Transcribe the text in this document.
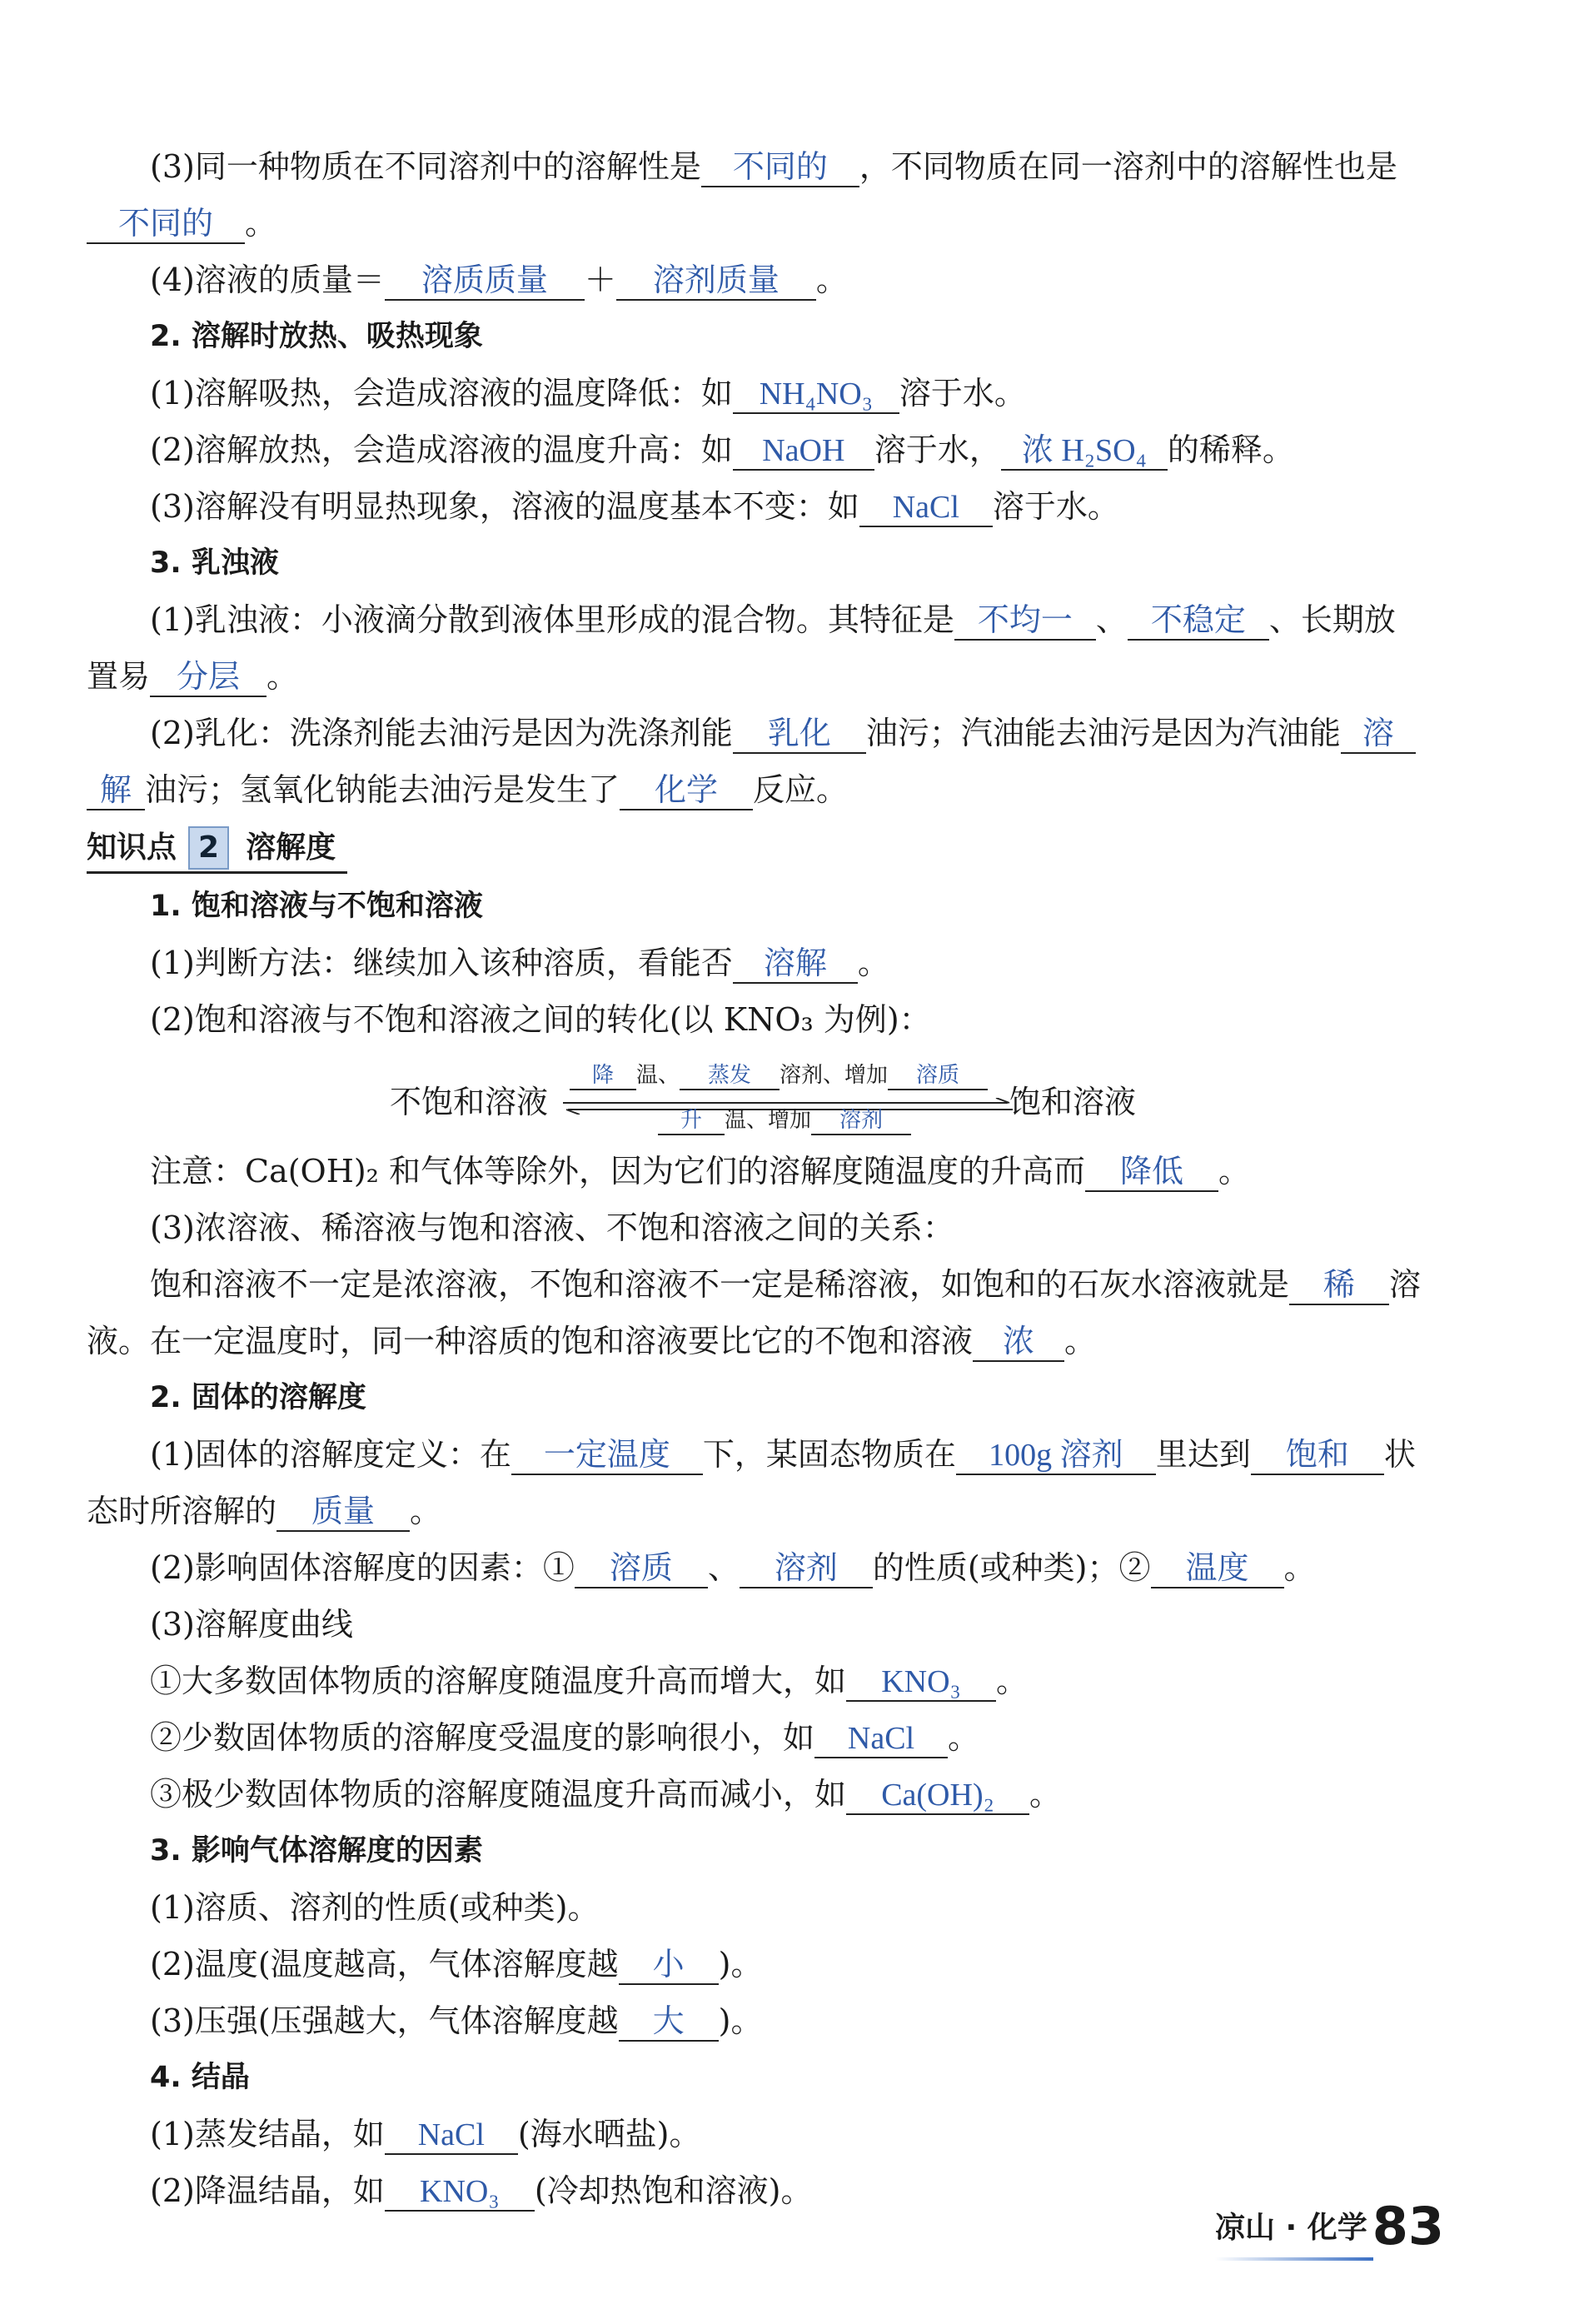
(3)同一种物质在不同溶剂中的溶解性是 不同的 ，不同物质在同一溶剂中的溶解性也是
不同的 。
(4)溶液的质量＝ 溶质质量 ＋ 溶剂质量 。
2. 溶解时放热、吸热现象
(1)溶解吸热，会造成溶液的温度降低：如 NH₄NO₃ 溶于水。
(2)溶解放热，会造成溶液的温度升高：如 NaOH 溶于水， 浓 H₂SO₄ 的稀释。
(3)溶解没有明显热现象，溶液的温度基本不变：如 NaCl 溶于水。
3. 乳浊液
(1)乳浊液：小液滴分散到液体里形成的混合物。其特征是 不均一 、 不稳定 、长期放
置易 分层 。
(2)乳化：洗涤剂能去油污是因为洗涤剂能 乳化 油污；汽油能去油污是因为汽油能 溶
解 油污；氢氧化钠能去油污是发生了 化学 反应。
知识点 2 溶解度
1. 饱和溶液与不饱和溶液
(1)判断方法：继续加入该种溶质，看能否 溶解 。
(2)饱和溶液与不饱和溶液之间的转化(以 KNO₃ 为例)：
不饱和溶液
降 温、 蒸发 溶剂、增加 溶质
升 温、增加 溶剂	饱和溶液
注意：Ca(OH)₂ 和气体等除外，因为它们的溶解度随温度的升高而 降低 。
(3)浓溶液、稀溶液与饱和溶液、不饱和溶液之间的关系：
饱和溶液不一定是浓溶液，不饱和溶液不一定是稀溶液，如饱和的石灰水溶液就是 稀 溶
液。在一定温度时，同一种溶质的饱和溶液要比它的不饱和溶液 浓 。
2. 固体的溶解度
(1)固体的溶解度定义：在 一定温度 下，某固态物质在 100g 溶剂 里达到 饱和 状
态时所溶解的 质量 。
(2)影响固体溶解度的因素：① 溶质 、 溶剂 的性质(或种类)；② 温度 。
(3)溶解度曲线
①大多数固体物质的溶解度随温度升高而增大，如 KNO₃ 。
②少数固体物质的溶解度受温度的影响很小，如 NaCl 。
③极少数固体物质的溶解度随温度升高而减小，如 Ca(OH)₂ 。
3. 影响气体溶解度的因素
(1)溶质、溶剂的性质(或种类)。
(2)温度(温度越高，气体溶解度越 小 )。
(3)压强(压强越大，气体溶解度越 大 )。
4. 结晶
(1)蒸发结晶，如 NaCl (海水晒盐)。
(2)降温结晶，如 KNO₃ (冷却热饱和溶液)。
凉山 · 化学83
